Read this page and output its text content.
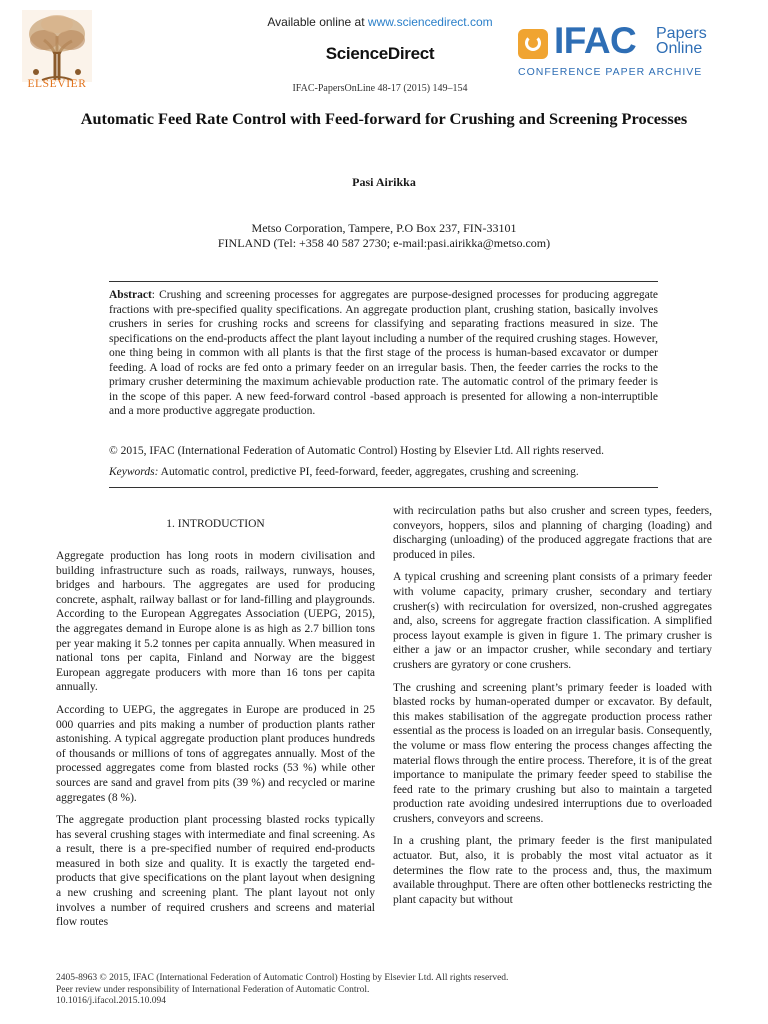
ELSEVIER
Available online at www.sciencedirect.com
ScienceDirect
IFAC-PapersOnLine 48-17 (2015) 149–154
IFAC Papers
Online
CONFERENCE PAPER ARCHIVE
Automatic Feed Rate Control with Feed-forward for Crushing and Screening Processes
Pasi Airikka
Metso Corporation, Tampere, P.O Box 237, FIN-33101
FINLAND (Tel: +358 40 587 2730; e-mail:pasi.airikka@metso.com)
Abstract: Crushing and screening processes for aggregates are purpose-designed processes for producing aggregate fractions with pre-specified quality specifications. An aggregate production plant, crushing station, basically involves crushers in series for crushing rocks and screens for classifying and separating fractions measured in size. The specifications on the end-products affect the plant layout including a number of the required crushing stages. However, one thing being in common with all plants is that the first stage of the process is human-based excavator or dumper feeding. A load of rocks are fed onto a primary feeder on an irregular basis. Then, the feeder carries the rocks to the primary crusher determining the maximum achievable production rate. The automatic control of the primary feeder is in the scope of this paper. A new feed-forward control -based approach is presented for allowing a non-interruptible and a more productive aggregate production.
© 2015, IFAC (International Federation of Automatic Control) Hosting by Elsevier Ltd. All rights reserved.
Keywords: Automatic control, predictive PI, feed-forward, feeder, aggregates, crushing and screening.
1. INTRODUCTION

Aggregate production has long roots in modern civilisation and building infrastructure such as roads, railways, runways, houses, bridges and harbours. The aggregates are used for producing concrete, asphalt, railway ballast or for land-filling and playgrounds. According to the European Aggregates Association (UEPG, 2015), the aggregates demand in Europe alone is as high as 2.7 billion tons per year making it 5.2 tonnes per capita annually. When measured in national tons per capita, Finland and Norway are the biggest European aggregate producers with more than 16 tons per capita annually.

According to UEPG, the aggregates in Europe are produced in 25 000 quarries and pits making a number of production plants rather astonishing. A typical aggregate production plant produces hundreds of thousands or millions of tons of aggregates annually. Most of the processed aggregates come from blasted rocks (53 %) while other sources are sand and gravel from pits (39 %) and recycled or marine aggregates (8 %).

The aggregate production plant processing blasted rocks typically has several crushing stages with intermediate and final screening. As a result, there is a pre-specified number of required end-products measured in both size and quality. It is exactly the targeted end-products that give specifications on the plant layout when designing a new crushing and screening plant. The plant layout not only involves a number of required crushers and screens and material flow routes

with recirculation paths but also crusher and screen types, feeders, conveyors, hoppers, silos and planning of charging (loading) and discharging (unloading) of the produced aggregate fractions that are produced in piles.

A typical crushing and screening plant consists of a primary feeder with volume capacity, primary crusher, secondary and tertiary crusher(s) with recirculation for oversized, non-crushed aggregates and, also, screens for aggregate fraction classification. A simplified process layout example is given in figure 1. The primary crusher is either a jaw or an impactor crusher, while secondary and tertiary crushers are gyratory or cone crushers.

The crushing and screening plant’s primary feeder is loaded with blasted rocks by human-operated dumper or excavator. By default, this makes stabilisation of the aggregate production process rather essential as the process is loaded on an irregular basis. Consequently, the volume or mass flow entering the process changes affecting the material flows through the entire process. Therefore, it is of the great importance to manipulate the primary feeder speed to stabilise the feed rate to the primary crushing but also to maintain a targeted production rate avoiding undesired interruptions due to overloaded crushers, conveyors and screens.

In a crushing plant, the primary feeder is the first manipulated actuator. But, also, it is probably the most vital actuator as it determines the flow rate to the process and, thus, the maximum available throughput. There are often other bottlenecks restricting the plant capacity but without

2405-8963 © 2015, IFAC (International Federation of Automatic Control) Hosting by Elsevier Ltd. All rights reserved.
Peer review under responsibility of International Federation of Automatic Control.
10.1016/j.ifacol.2015.10.094
